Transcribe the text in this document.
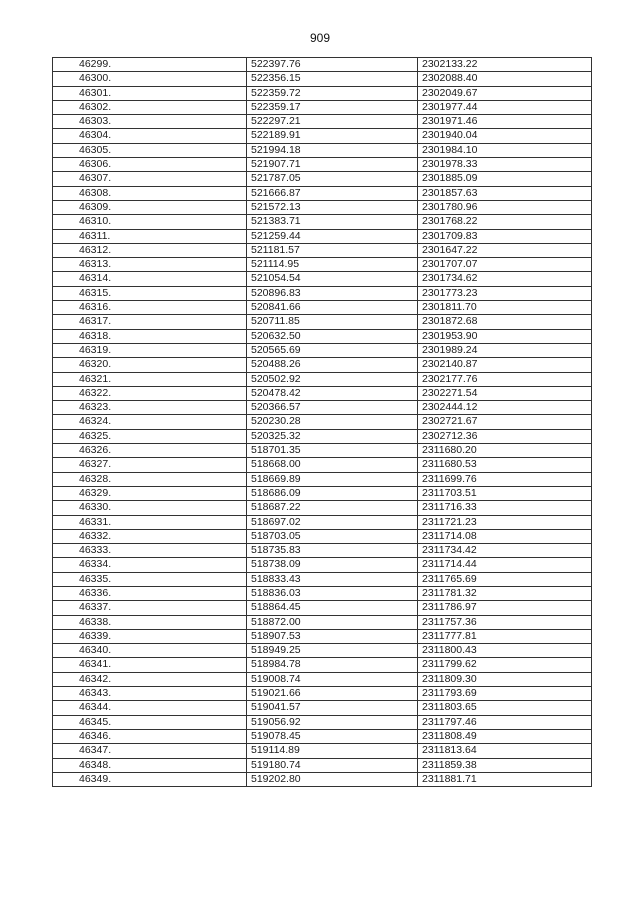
909
46299.	522397.76	2302133.22
46300.	522356.15	2302088.40
46301.	522359.72	2302049.67
46302.	522359.17	2301977.44
46303.	522297.21	2301971.46
46304.	522189.91	2301940.04
46305.	521994.18	2301984.10
46306.	521907.71	2301978.33
46307.	521787.05	2301885.09
46308.	521666.87	2301857.63
46309.	521572.13	2301780.96
46310.	521383.71	2301768.22
46311.	521259.44	2301709.83
46312.	521181.57	2301647.22
46313.	521114.95	2301707.07
46314.	521054.54	2301734.62
46315.	520896.83	2301773.23
46316.	520841.66	2301811.70
46317.	520711.85	2301872.68
46318.	520632.50	2301953.90
46319.	520565.69	2301989.24
46320.	520488.26	2302140.87
46321.	520502.92	2302177.76
46322.	520478.42	2302271.54
46323.	520366.57	2302444.12
46324.	520230.28	2302721.67
46325.	520325.32	2302712.36
46326.	518701.35	2311680.20
46327.	518668.00	2311680.53
46328.	518669.89	2311699.76
46329.	518686.09	2311703.51
46330.	518687.22	2311716.33
46331.	518697.02	2311721.23
46332.	518703.05	2311714.08
46333.	518735.83	2311734.42
46334.	518738.09	2311714.44
46335.	518833.43	2311765.69
46336.	518836.03	2311781.32
46337.	518864.45	2311786.97
46338.	518872.00	2311757.36
46339.	518907.53	2311777.81
46340.	518949.25	2311800.43
46341.	518984.78	2311799.62
46342.	519008.74	2311809.30
46343.	519021.66	2311793.69
46344.	519041.57	2311803.65
46345.	519056.92	2311797.46
46346.	519078.45	2311808.49
46347.	519114.89	2311813.64
46348.	519180.74	2311859.38
46349.	519202.80	2311881.71
